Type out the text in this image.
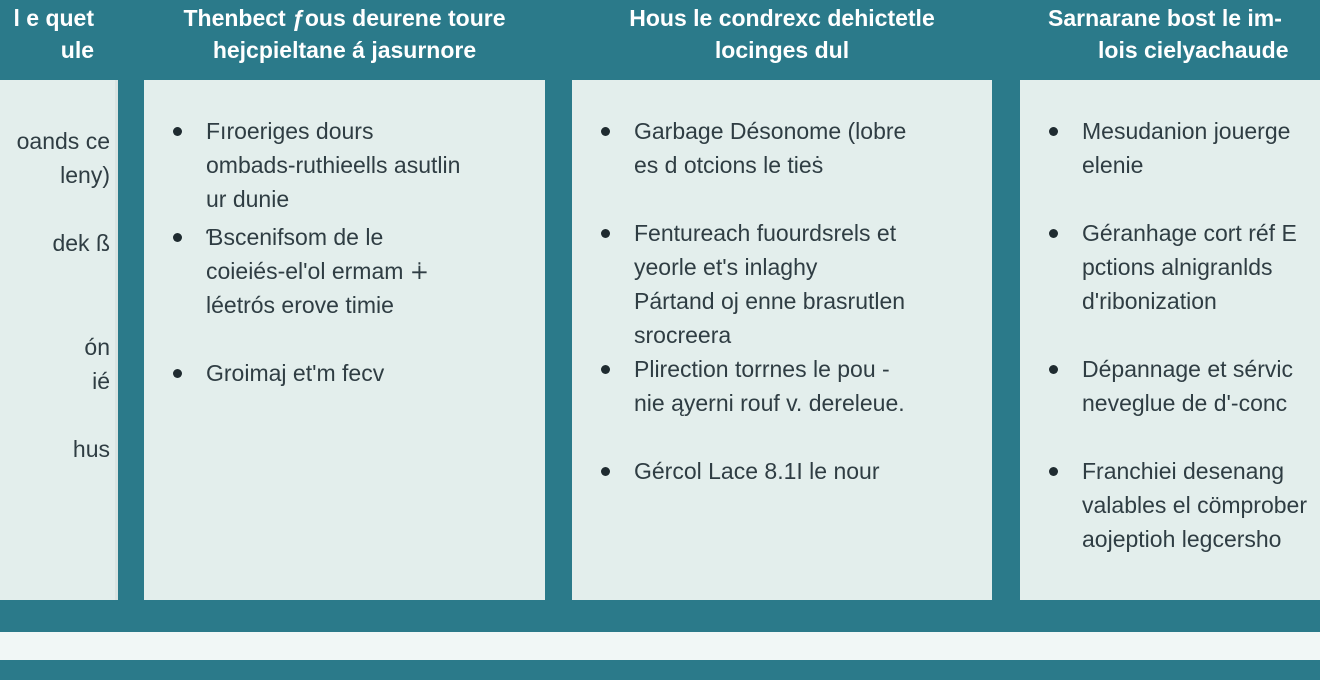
l e quet
ule
oands ce
leny)
dek ß
ón
ié
hus
Thenbect ƒous deurene toure
hejcpieltane á jasurnore
Fıroeriges dours
ombads-ruthieells asutlin
ur dunie
Ɓscenifsom de le
coieiés-el'ol ermam ∔
léetrós erove timie
Groimaj et'm fecv
Hous le condrexc dehictetle
locinges dul
Garbage Désonome (lobre
es d otcions le tieṡ
Fentureach fuourdsrels et
yeorle et's inlaghy
Pártand oj enne brasrutlen
srocreera
Plirection torrnes le pou -
nie ąyerni rouf v. dereleue.
Gércol Lace 8.1I le nour
Sarnarane bost le im-
lois cielyachaude
Mesudanion jouerge
elenie
Géranhage cort réf E
pctions alnigranlds
d'ribonization
Dépannage et sérvic
neveglue de d'-conc
Franchiei desenang
valables el cömprober
aojeptioh legcersho
